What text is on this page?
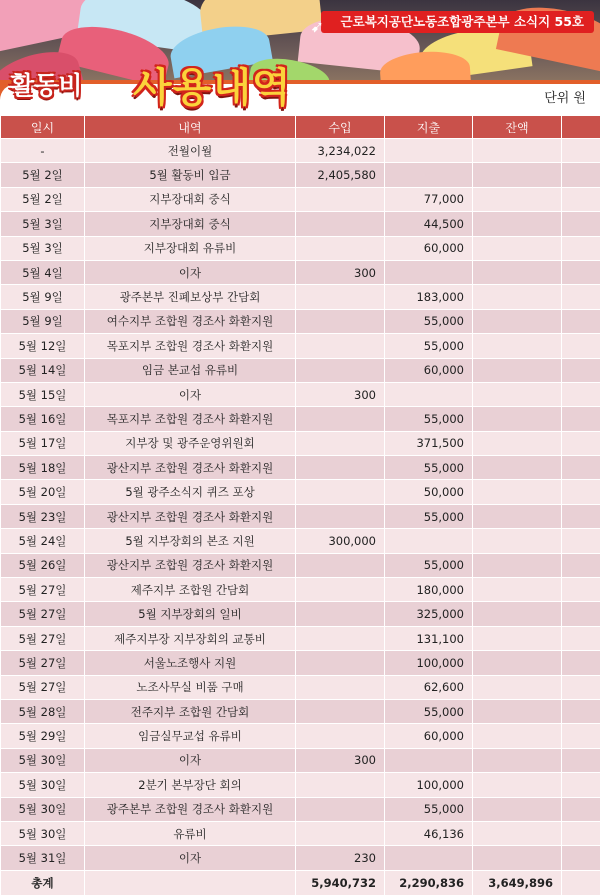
➹ 근로복지공단노동조합광주본부 소식지 55호
활동비 사용내역	단위 원
일시	내역	수입	지출	잔액	
-	전월이월	3,234,022			
5월 2일	5월 활동비 입금	2,405,580			
5월 2일	지부장대회 중식		77,000		
5월 3일	지부장대회 중식		44,500		
5월 3일	지부장대회 유류비		60,000		
5월 4일	이자	300			
5월 9일	광주본부 진폐보상부 간담회		183,000		
5월 9일	여수지부 조합원 경조사 화환지원		55,000		
5월 12일	목포지부 조합원 경조사 화환지원		55,000		
5월 14일	임금 본교섭 유류비		60,000		
5월 15일	이자	300			
5월 16일	목포지부 조합원 경조사 화환지원		55,000		
5월 17일	지부장 및 광주운영위원회		371,500		
5월 18일	광산지부 조합원 경조사 화환지원		55,000		
5월 20일	5월 광주소식지 퀴즈 포상		50,000		
5월 23일	광산지부 조합원 경조사 화환지원		55,000		
5월 24일	5월 지부장회의 본조 지원	300,000			
5월 26일	광산지부 조합원 경조사 화환지원		55,000		
5월 27일	제주지부 조합원 간담회		180,000		
5월 27일	5월 지부장회의 일비		325,000		
5월 27일	제주지부장 지부장회의 교통비		131,100		
5월 27일	서울노조행사 지원		100,000		
5월 27일	노조사무실 비품 구매		62,600		
5월 28일	전주지부 조합원 간담회		55,000		
5월 29일	임금실무교섭 유류비		60,000		
5월 30일	이자	300			
5월 30일	2분기 본부장단 회의		100,000		
5월 30일	광주본부 조합원 경조사 화환지원		55,000		
5월 30일	유류비		46,136		
5월 31일	이자	230			
총계		5,940,732	2,290,836	3,649,896	
